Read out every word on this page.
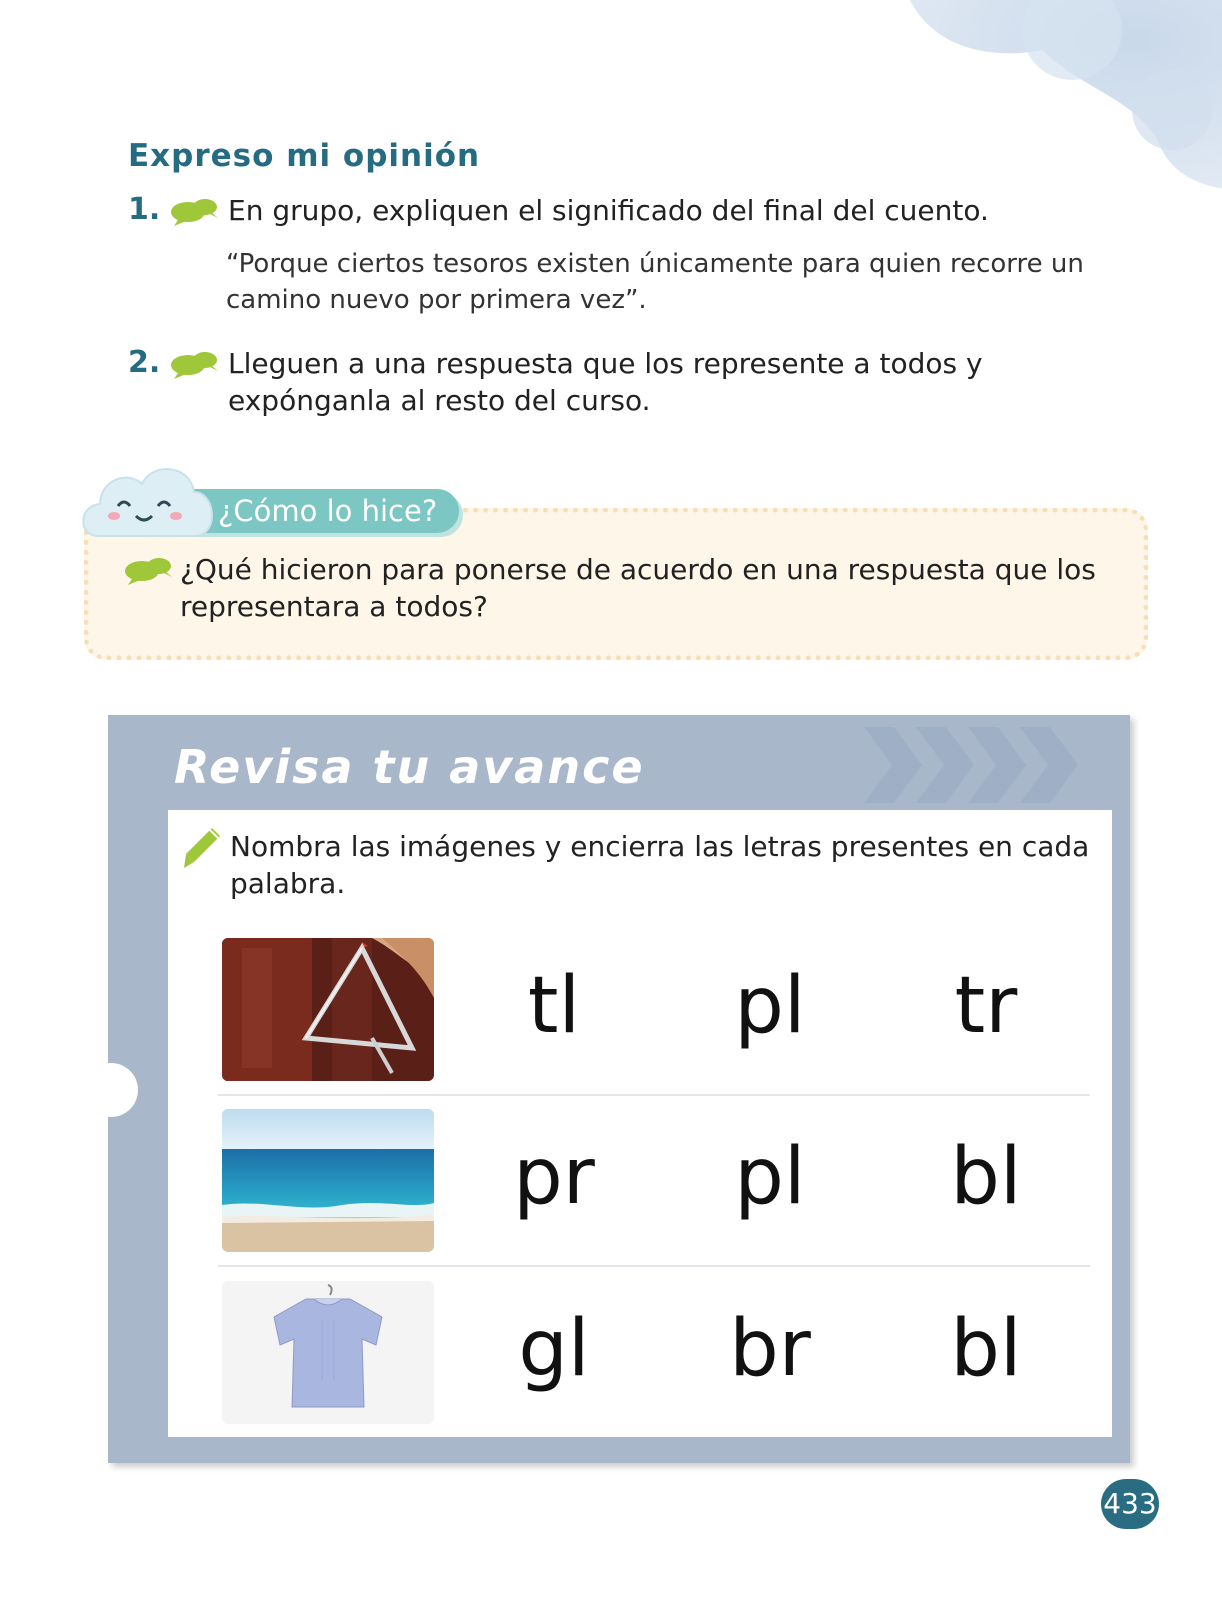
Expreso mi opinión
1. En grupo, expliquen el significado del final del cuento.
“Porque ciertos tesoros existen únicamente para quien recorre un camino nuevo por primera vez”.
2. Lleguen a una respuesta que los represente a todos y expónganla al resto del curso.
¿Cómo lo hice?
¿Qué hicieron para ponerse de acuerdo en una respuesta que los representara a todos?
Revisa tu avance
Nombra las imágenes y encierra las letras presentes en cada palabra.
tl	pl	tr
pr	pl	bl
gl	br	bl
433
